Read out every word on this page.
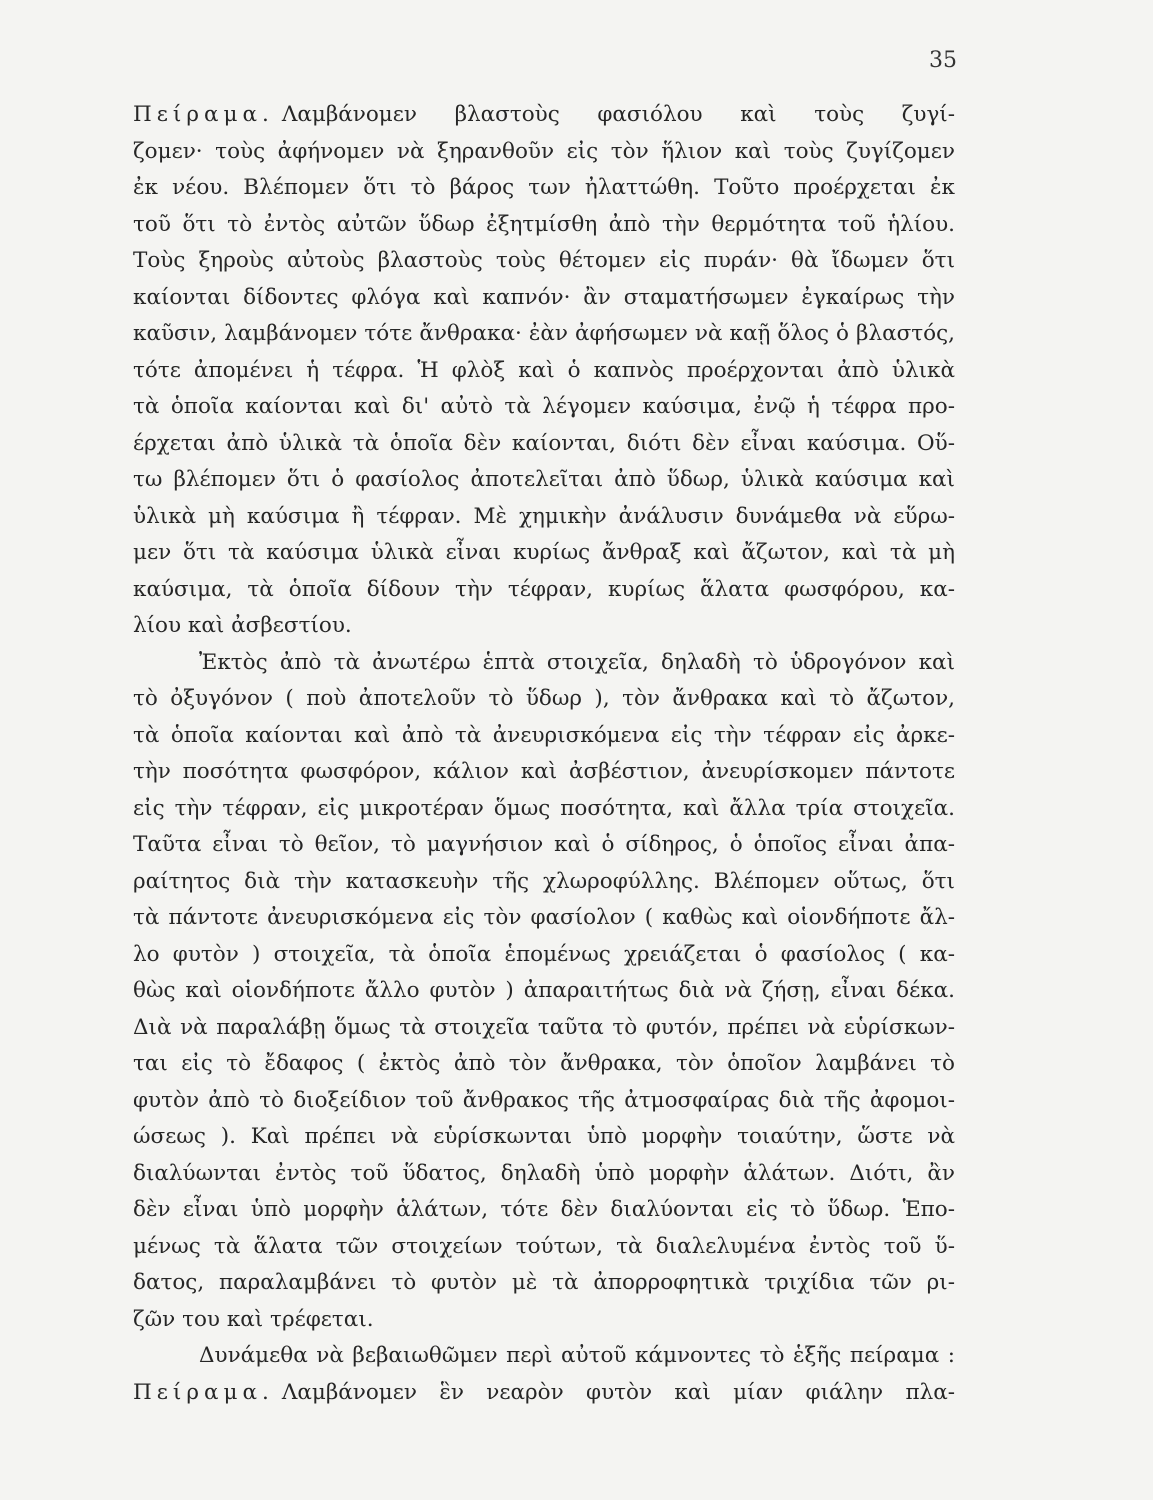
35
Πείραμα. Λαμβάνομεν βλαστοὺς φασιόλου καὶ τοὺς ζυγί-
ζομεν· τοὺς ἀφήνομεν νὰ ξηρανθοῦν εἰς τὸν ἥλιον καὶ τοὺς ζυγίζομεν
ἐκ νέου. Βλέπομεν ὅτι τὸ βάρος των ἠλαττώθη. Τοῦτο προέρχεται ἐκ
τοῦ ὅτι τὸ ἐντὸς αὐτῶν ὕδωρ ἐξητμίσθη ἀπὸ τὴν θερμότητα τοῦ ἡλίου.
Τοὺς ξηροὺς αὐτοὺς βλαστοὺς τοὺς θέτομεν εἰς πυράν· θὰ ἴδωμεν ὅτι
καίονται δίδοντες φλόγα καὶ καπνόν· ἂν σταματήσωμεν ἐγκαίρως τὴν
καῦσιν, λαμβάνομεν τότε ἄνθρακα· ἐὰν ἀφήσωμεν νὰ καῇ ὅλος ὁ βλαστός,
τότε ἀπομένει ἡ τέφρα. Ἡ φλὸξ καὶ ὁ καπνὸς προέρχονται ἀπὸ ὑλικὰ
τὰ ὁποῖα καίονται καὶ δι' αὐτὸ τὰ λέγομεν καύσιμα, ἐνῷ ἡ τέφρα προ-
έρχεται ἀπὸ ὑλικὰ τὰ ὁποῖα δὲν καίονται, διότι δὲν εἶναι καύσιμα. Οὕ-
τω βλέπομεν ὅτι ὁ φασίολος ἀποτελεῖται ἀπὸ ὕδωρ, ὑλικὰ καύσιμα καὶ
ὑλικὰ μὴ καύσιμα ἢ τέφραν. Μὲ χημικὴν ἀνάλυσιν δυνάμεθα νὰ εὕρω-
μεν ὅτι τὰ καύσιμα ὑλικὰ εἶναι κυρίως ἄνθραξ καὶ ἄζωτον, καὶ τὰ μὴ
καύσιμα, τὰ ὁποῖα δίδουν τὴν τέφραν, κυρίως ἅλατα φωσφόρου, κα-
λίου καὶ ἀσβεστίου.
Ἐκτὸς ἀπὸ τὰ ἀνωτέρω ἑπτὰ στοιχεῖα, δηλαδὴ τὸ ὑδρογόνον καὶ
τὸ ὀξυγόνον ( ποὺ ἀποτελοῦν τὸ ὕδωρ ), τὸν ἄνθρακα καὶ τὸ ἄζωτον,
τὰ ὁποῖα καίονται καὶ ἀπὸ τὰ ἀνευρισκόμενα εἰς τὴν τέφραν εἰς ἀρκε-
τὴν ποσότητα φωσφόρον, κάλιον καὶ ἀσβέστιον, ἀνευρίσκομεν πάντοτε
εἰς τὴν τέφραν, εἰς μικροτέραν ὅμως ποσότητα, καὶ ἄλλα τρία στοιχεῖα.
Ταῦτα εἶναι τὸ θεῖον, τὸ μαγνήσιον καὶ ὁ σίδηρος, ὁ ὁποῖος εἶναι ἀπα-
ραίτητος διὰ τὴν κατασκευὴν τῆς χλωροφύλλης. Βλέπομεν οὕτως, ὅτι
τὰ πάντοτε ἀνευρισκόμενα εἰς τὸν φασίολον ( καθὼς καὶ οἱονδήποτε ἄλ-
λο φυτὸν ) στοιχεῖα, τὰ ὁποῖα ἑπομένως χρειάζεται ὁ φασίολος ( κα-
θὼς καὶ οἱονδήποτε ἄλλο φυτὸν ) ἀπαραιτήτως διὰ νὰ ζήσῃ, εἶναι δέκα.
Διὰ νὰ παραλάβῃ ὅμως τὰ στοιχεῖα ταῦτα τὸ φυτόν, πρέπει νὰ εὑρίσκων-
ται εἰς τὸ ἔδαφος ( ἐκτὸς ἀπὸ τὸν ἄνθρακα, τὸν ὁποῖον λαμβάνει τὸ
φυτὸν ἀπὸ τὸ διοξείδιον τοῦ ἄνθρακος τῆς ἀτμοσφαίρας διὰ τῆς ἀφομοι-
ώσεως ). Καὶ πρέπει νὰ εὑρίσκωνται ὑπὸ μορφὴν τοιαύτην, ὥστε νὰ
διαλύωνται ἐντὸς τοῦ ὕδατος, δηλαδὴ ὑπὸ μορφὴν ἁλάτων. Διότι, ἂν
δὲν εἶναι ὑπὸ μορφὴν ἁλάτων, τότε δὲν διαλύονται εἰς τὸ ὕδωρ. Ἑπο-
μένως τὰ ἅλατα τῶν στοιχείων τούτων, τὰ διαλελυμένα ἐντὸς τοῦ ὕ-
δατος, παραλαμβάνει τὸ φυτὸν μὲ τὰ ἀπορροφητικὰ τριχίδια τῶν ρι-
ζῶν του καὶ τρέφεται.
Δυνάμεθα νὰ βεβαιωθῶμεν περὶ αὐτοῦ κάμνοντες τὸ ἑξῆς πείραμα :
Πείραμα. Λαμβάνομεν ἓν νεαρὸν φυτὸν καὶ μίαν φιάλην πλα-
